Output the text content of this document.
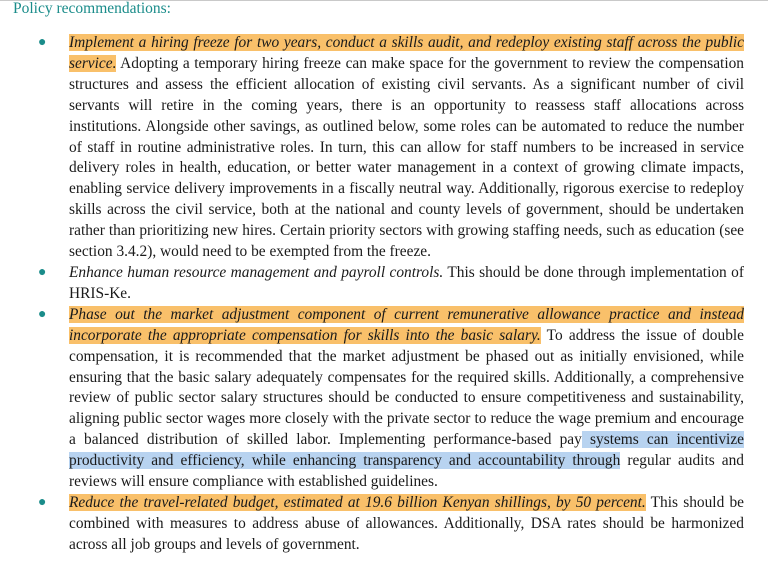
Policy recommendations:
● Implement a hiring freeze for two years, conduct a skills audit, and redeploy existing staff across the public service. Adopting a temporary hiring freeze can make space for the government to review the compensation structures and assess the efficient allocation of existing civil servants. As a significant number of civil servants will retire in the coming years, there is an opportunity to reassess staff allocations across institutions. Alongside other savings, as outlined below, some roles can be automated to reduce the number of staff in routine administrative roles. In turn, this can allow for staff numbers to be increased in service delivery roles in health, education, or better water management in a context of growing climate impacts, enabling service delivery improvements in a fiscally neutral way. Additionally, rigorous exercise to redeploy skills across the civil service, both at the national and county levels of government, should be undertaken rather than prioritizing new hires. Certain priority sectors with growing staffing needs, such as education (see section 3.4.2), would need to be exempted from the freeze.
● Enhance human resource management and payroll controls. This should be done through implementation of HRIS-Ke.
● Phase out the market adjustment component of current remunerative allowance practice and instead incorporate the appropriate compensation for skills into the basic salary. To address the issue of double compensation, it is recommended that the market adjustment be phased out as initially envisioned, while ensuring that the basic salary adequately compensates for the required skills. Additionally, a comprehensive review of public sector salary structures should be conducted to ensure competitiveness and sustainability, aligning public sector wages more closely with the private sector to reduce the wage premium and encourage a balanced distribution of skilled labor. Implementing performance-based pay systems can incentivize productivity and efficiency, while enhancing transparency and accountability through regular audits and reviews will ensure compliance with established guidelines.
● Reduce the travel-related budget, estimated at 19.6 billion Kenyan shillings, by 50 percent. This should be combined with measures to address abuse of allowances. Additionally, DSA rates should be harmonized across all job groups and levels of government.
